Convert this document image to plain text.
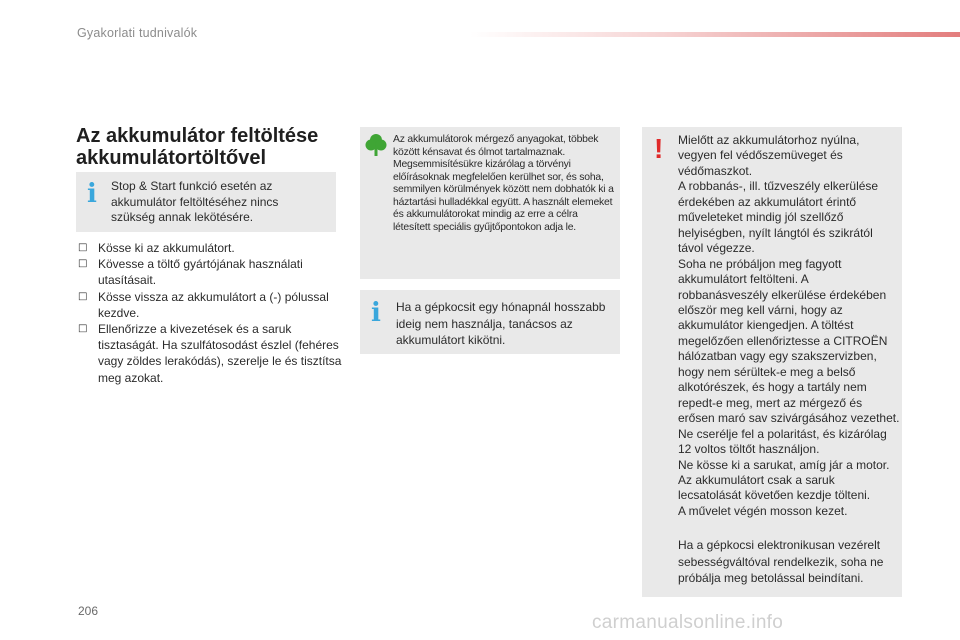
Gyakorlati tudnivalók
Az akkumulátor feltöltése akkumulátortöltővel
i Stop & Start funkció esetén az akkumulátor feltöltéséhez nincs szükség annak lekötésére.
□ Kösse ki az akkumulátort.
□ Kövesse a töltő gyártójának használati utasításait.
□ Kösse vissza az akkumulátort a (-) pólussal kezdve.
□ Ellenőrizze a kivezetések és a saruk tisztaságát. Ha szulfátosodást észlel (fehéres vagy zöldes lerakódás), szerelje le és tisztítsa meg azokat.
Az akkumulátorok mérgező anyagokat, többek között kénsavat és ólmot tartalmaznak. Megsemmisítésükre kizárólag a törvényi előírásoknak megfelelően kerülhet sor, és soha, semmilyen körülmények között nem dobhatók ki a háztartási hulladékkal együtt. A használt elemeket és akkumulátorokat mindig az erre a célra létesített speciális gyűjtőpontokon adja le.
i Ha a gépkocsit egy hónapnál hosszabb ideig nem használja, tanácsos az akkumulátort kikötni.
! Mielőtt az akkumulátorhoz nyúlna, vegyen fel védőszemüveget és védőmaszkot.

A robbanás-, ill. tűzveszély elkerülése érdekében az akkumulátort érintő műveleteket mindig jól szellőző helyiségben, nyílt lángtól és szikrától távol végezze.

Soha ne próbáljon meg fagyott akkumulátort feltölteni. A robbanásveszély elkerülése érdekében először meg kell várni, hogy az akkumulátor kiengedjen. A töltést megelőzően ellenőriztesse a CITROËN hálózatban vagy egy szakszervizben, hogy nem sérültek-e meg a belső alkotórészek, és hogy a tartály nem repedt-e meg, mert az mérgező és erősen maró sav szivárgásához vezethet.

Ne cserélje fel a polaritást, és kizárólag 12 voltos töltőt használjon.

Ne kösse ki a sarukat, amíg jár a motor.

Az akkumulátort csak a saruk lecsatolását követően kezdje tölteni.

A művelet végén mosson kezet.

Ha a gépkocsi elektronikusan vezérelt sebességváltóval rendelkezik, soha ne próbálja meg betolással beindítani.
206
carmanualsonline.info
